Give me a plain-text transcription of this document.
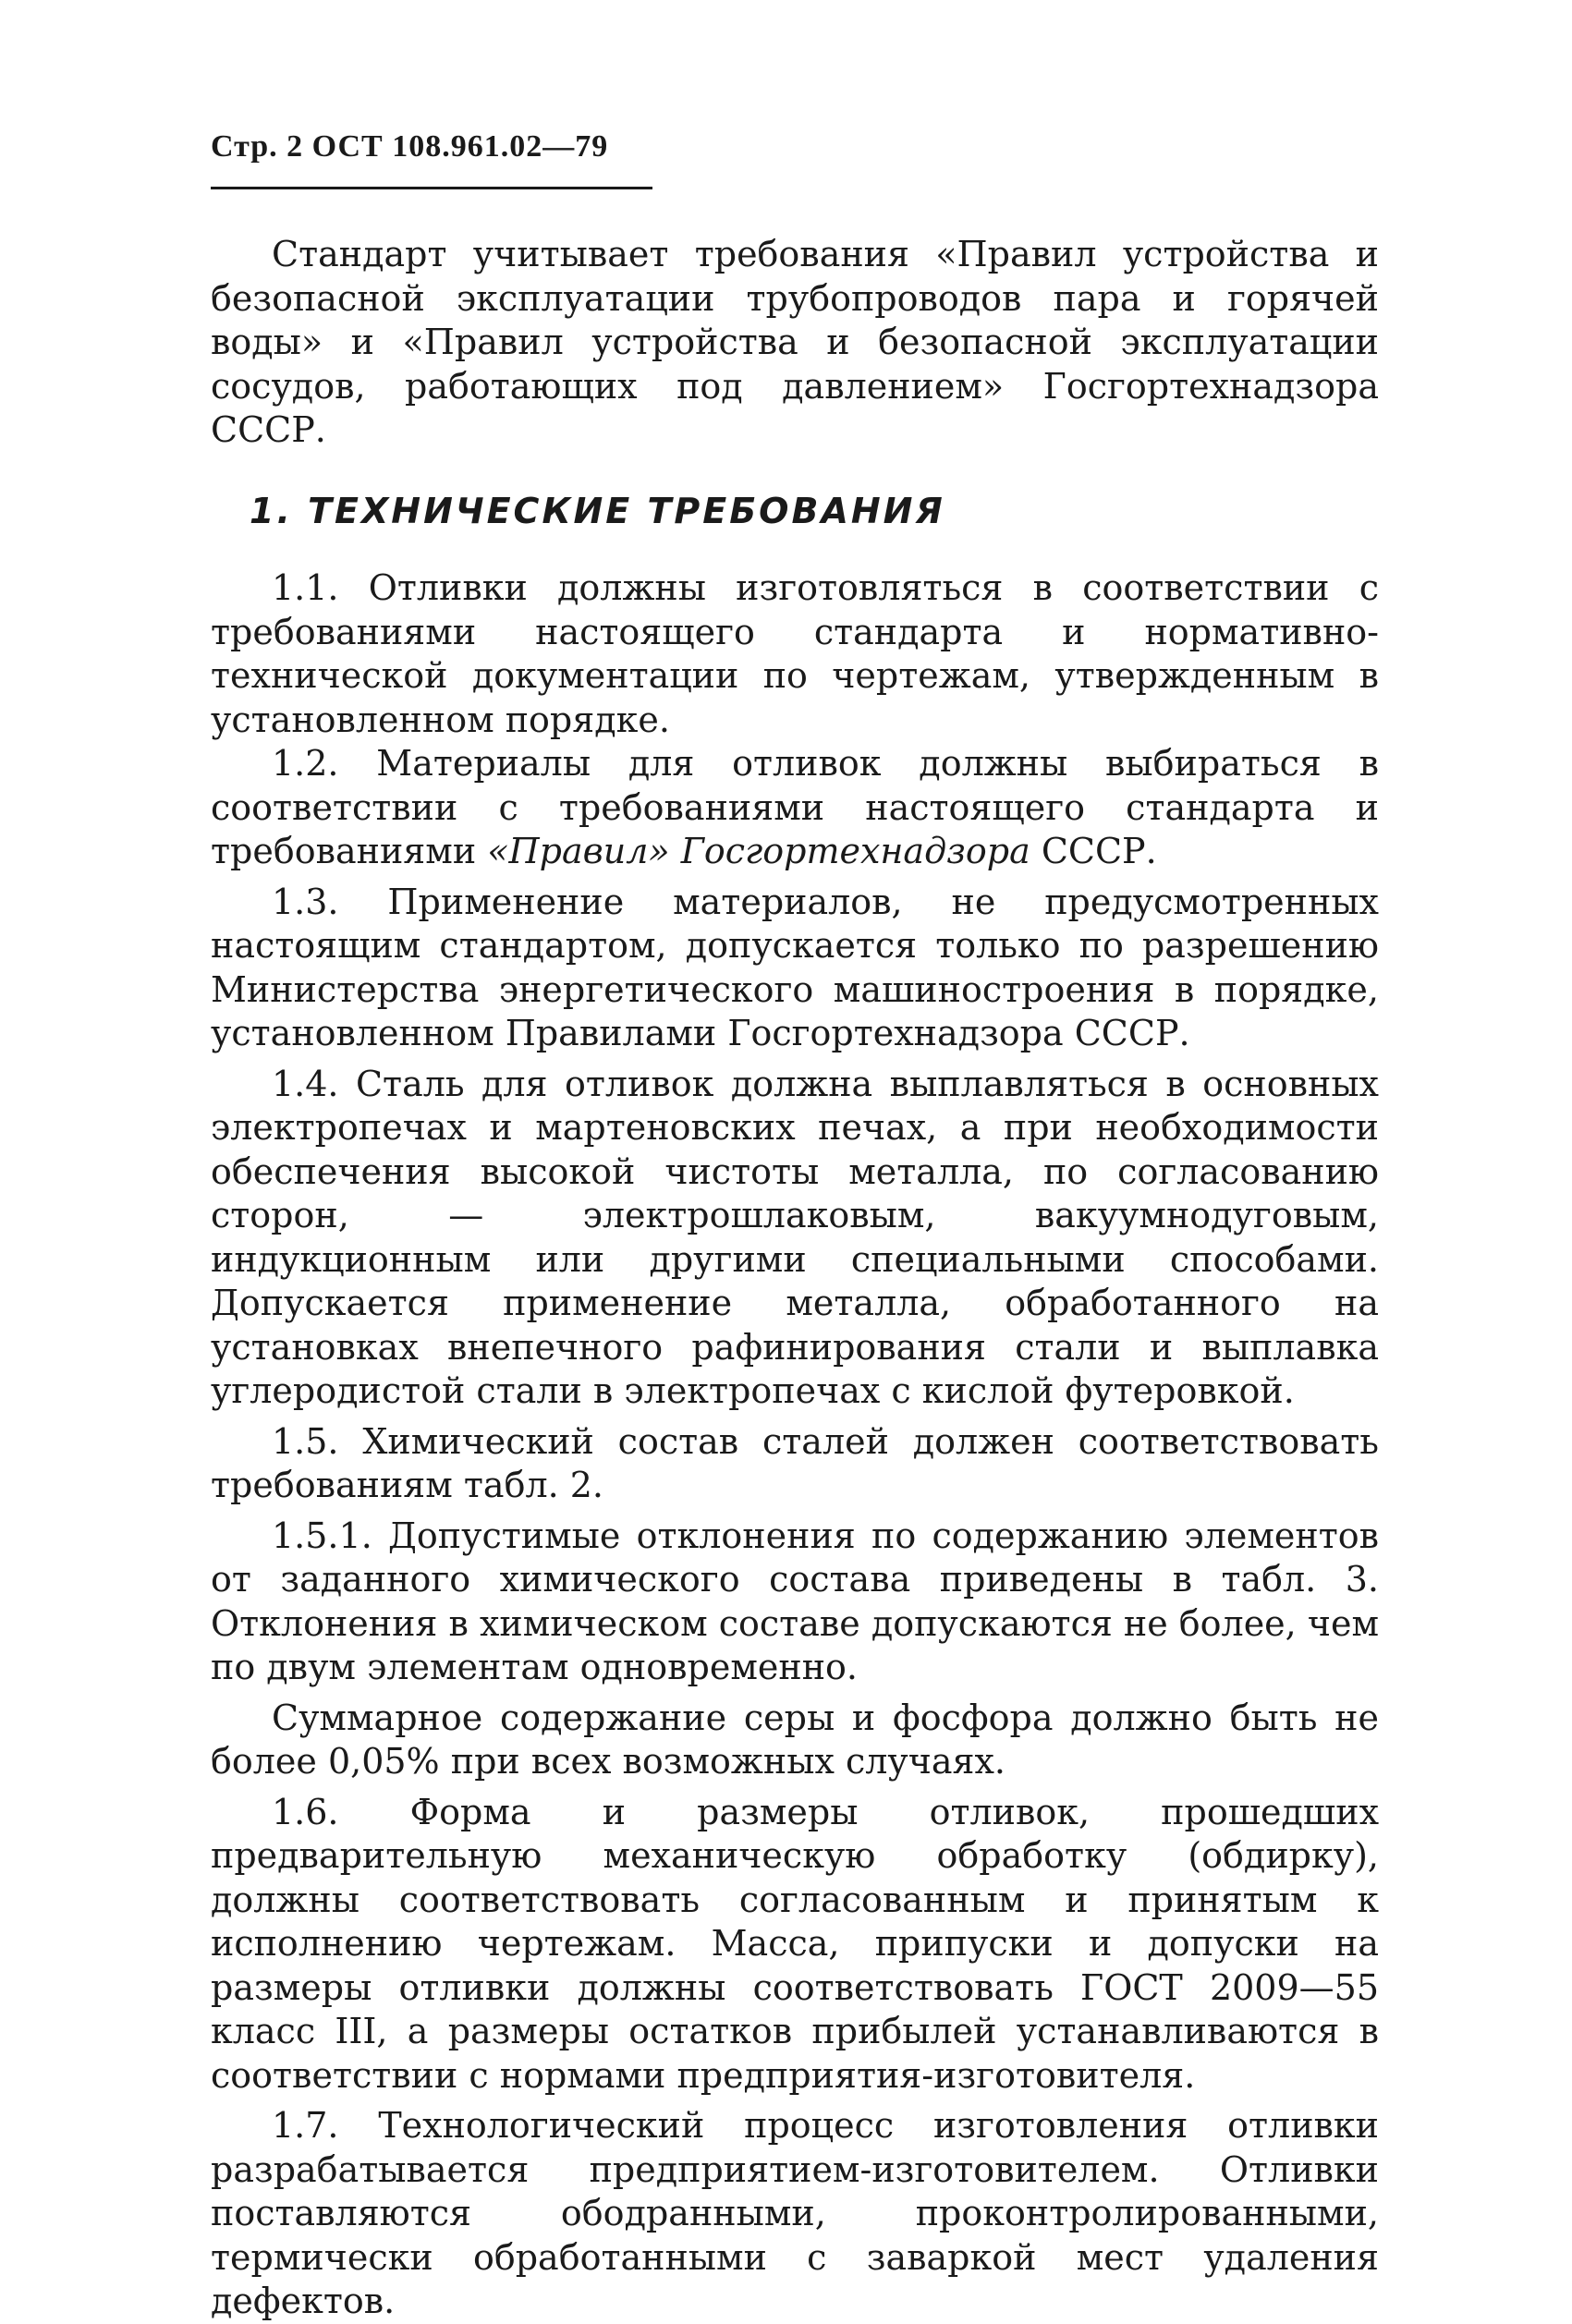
Стр. 2 ОСТ 108.961.02—79

Стандарт учитывает требования «Правил устройства и безопасной эксплуатации трубопроводов пара и горячей воды» и «Правил устройства и безопасной эксплуатации сосудов, работающих под давлением» Госгортехнадзора СССР.

1. ТЕХНИЧЕСКИЕ ТРЕБОВАНИЯ

1.1. Отливки должны изготовляться в соответствии с требованиями настоящего стандарта и нормативно-технической документации по чертежам, утвержденным в установленном порядке.

1.2. Материалы для отливок должны выбираться в соответствии с требованиями настоящего стандарта и требованиями «Правил» Госгортехнадзора СССР.

1.3. Применение материалов, не предусмотренных настоящим стандартом, допускается только по разрешению Министерства энергетического машиностроения в порядке, установленном Правилами Госгортехнадзора СССР.

1.4. Сталь для отливок должна выплавляться в основных электропечах и мартеновских печах, а при необходимости обеспечения высокой чистоты металла, по согласованию сторон, — электрошлаковым, вакуумнодуговым, индукционным или другими специальными способами. Допускается применение металла, обработанного на установках внепечного рафинирования стали и выплавка углеродистой стали в электропечах с кислой футеровкой.

1.5. Химический состав сталей должен соответствовать требованиям табл. 2.

1.5.1. Допустимые отклонения по содержанию элементов от заданного химического состава приведены в табл. 3. Отклонения в химическом составе допускаются не более, чем по двум элементам одновременно.

Суммарное содержание серы и фосфора должно быть не более 0,05% при всех возможных случаях.

1.6. Форма и размеры отливок, прошедших предварительную механическую обработку (обдирку), должны соответствовать согласованным и принятым к исполнению чертежам. Масса, припуски и допуски на размеры отливки должны соответствовать ГОСТ 2009—55 класс III, а размеры остатков прибылей устанавливаются в соответствии с нормами предприятия-изготовителя.

1.7. Технологический процесс изготовления отливки разрабатывается предприятием-изготовителем. Отливки поставляются ободранными, проконтролированными, термически обработанными с заваркой мест удаления дефектов.
